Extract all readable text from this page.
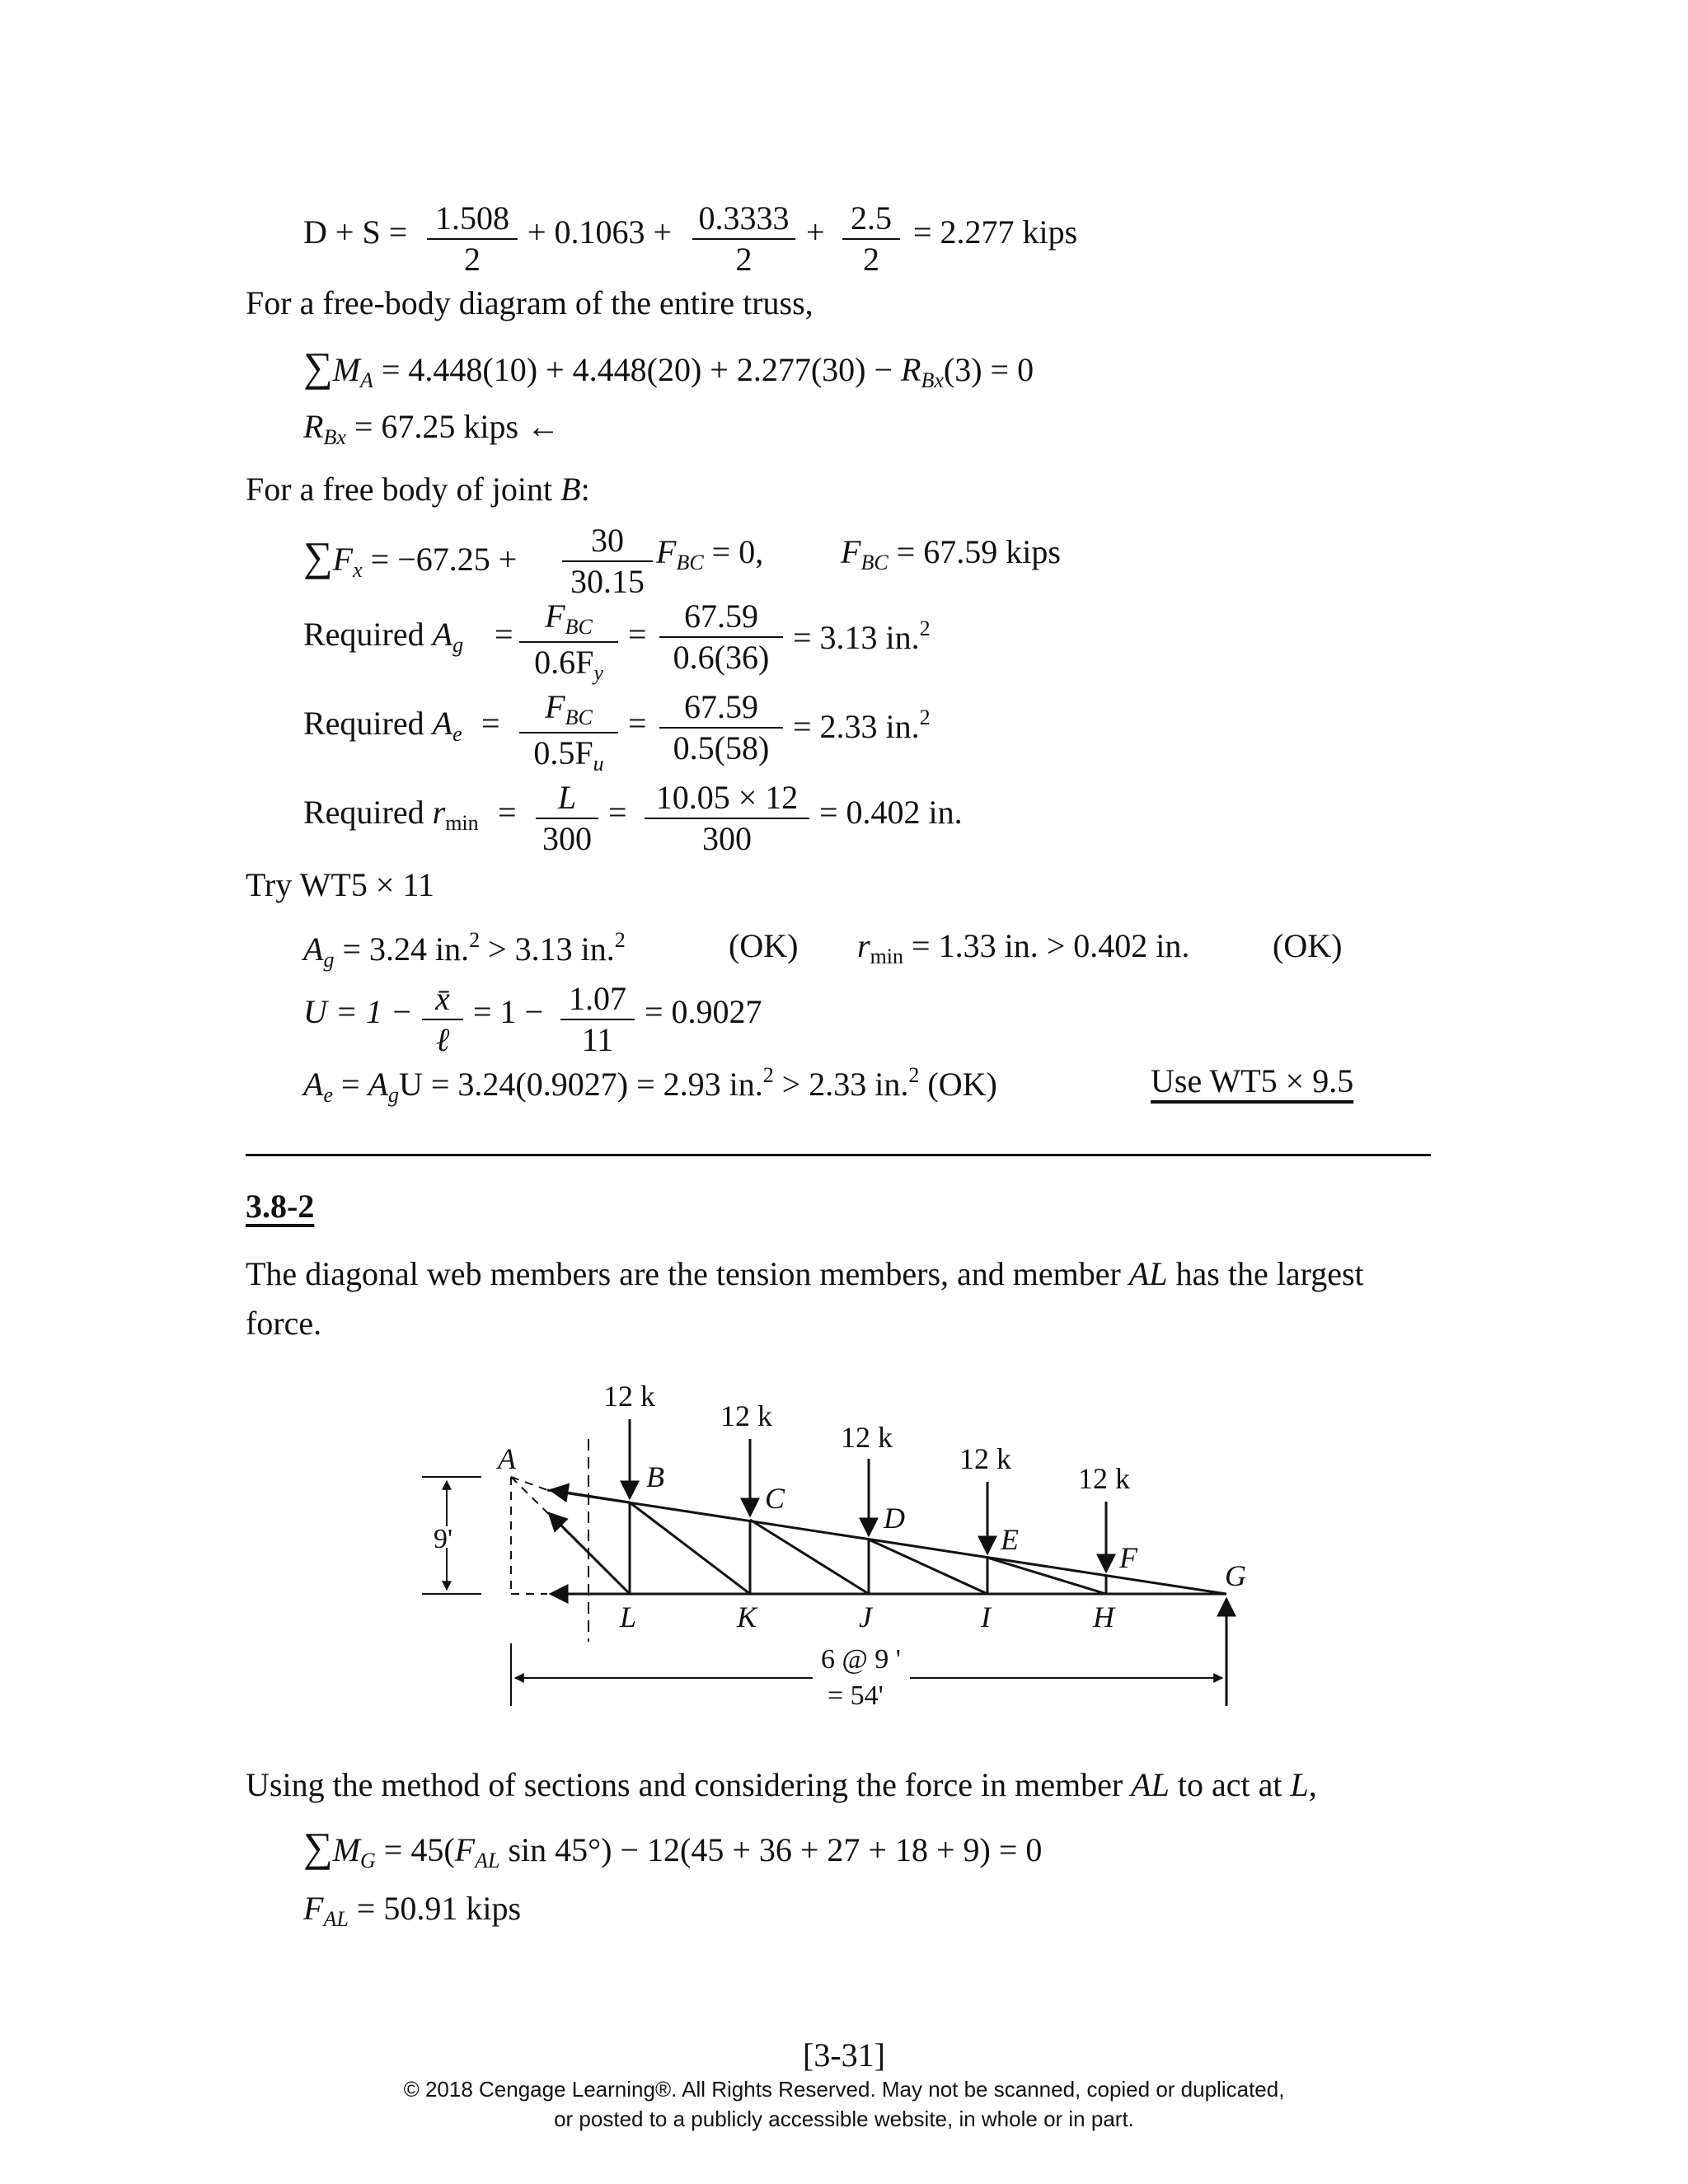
$D + S = \frac{1.508}{2} + 0.1063 + \frac{0.3333}{2} + \frac{2.5}{2} = 2.277$ kips
For a free-body diagram of the entire truss,
$\sum M_A = 4.448(10) + 4.448(20) + 2.277(30) - R_{Bx}(3) = 0$
$R_{Bx} = 67.25$ kips ←
For a free body of joint B:
$\sum F_x = -67.25 + \frac{30}{30.15} F_{BC} = 0$, $F_{BC} = 67.59$ kips
Required $A_g = F_{BC}$
$0.6F_y$
= $\frac{67.59}{0.6(36)} = 3.13$ in.$^2$
Required $A_e$ =	$F_{BC}$
$0.5F_u$
= $\frac{67.59}{0.5(58)} = 2.33$ in.$^2$
Required $r_{min} = \frac{L}{300} = \frac{10.05 \times 12}{300} = 0.402$ in.
Try WT5 × 11
$A_g = 3.24$ in.$^2$ > 3.13 in.$^2$	(OK) $r_{min} = 1.33$ in. > 0.402 in.	(OK)
U = 1 − x̄
ℓ
= $1 - \frac{1.07}{11} = 0.9027$
$A_e = A_gU = 3.24(0.9027) = 2.93$ in.$^2$ > 2.33 in.$^2$ (OK)	Use WT5 × 9.5
3.8-2
The diagonal web members are the tension members, and member AL has the largest
force.
12 k
12 k
12 k
12 k
12 k
A
B
C
D
E
F
G
L	K	J	I	H
9'
6 @ 9 '
= 54'
Using the method of sections and considering the force in member AL to act at L,
$\sum M_G = 45(F_{AL}$ sin 45°) − 12(45 + 36 + 27 + 18 + 9) = 0
$F_{AL} = 50.91$ kips
[3-31]
© 2018 Cengage Learning®. All Rights Reserved. May not be scanned, copied or duplicated,
or posted to a publicly accessible website, in whole or in part.
